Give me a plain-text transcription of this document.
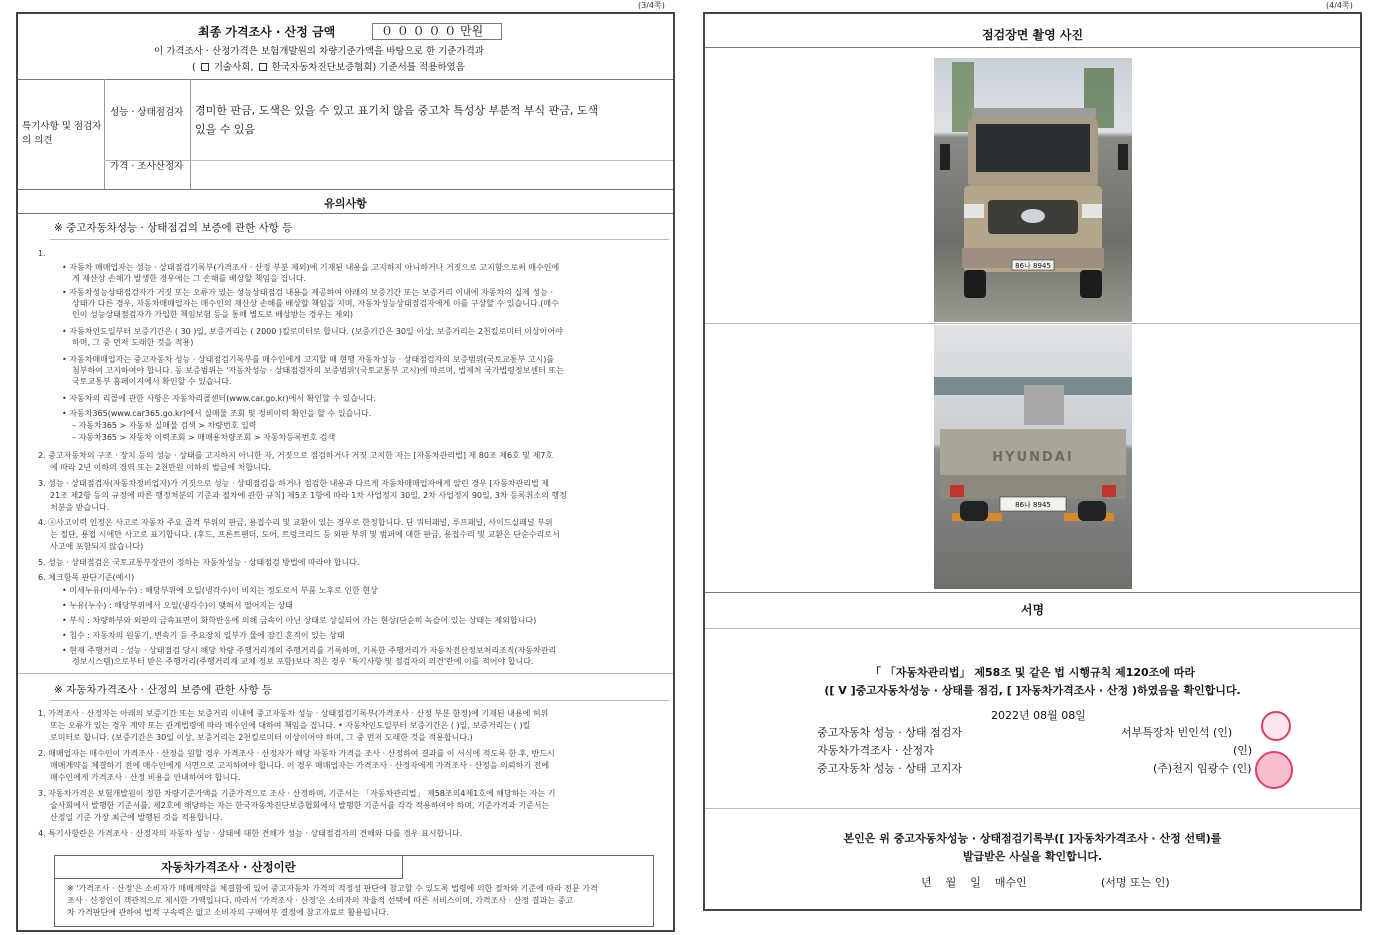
(3/4쪽)	(4/4쪽)
최종 가격조사 · 산정 금액	０ ０ ０ ０ ０ 만원
이 가격조사 · 산정가격은 보험개발원의 차량기준가액을 바탕으로 한 기준가격과
( 기술사회, 한국자동차진단보증협회) 기준서를 적용하였음
특기사항 및 점검자의 의견
성능 · 상태점검자	경미한 판금, 도색은 있을 수 있고 표기치 않음 중고차 특성상 부분적 부식 판금, 도색
있을 수 있음
가격 · 조사산정자
유의사항
※ 중고자동차성능 · 상태점검의 보증에 관한 사항 등
1.
• 자동차 매매업자는 성능 · 상태점검기록부(가격조사 · 산정 부분 제외)에 기재된 내용을 고지하지 아니하거나 거짓으로 고지함으로써 매수인에
게 재산상 손해가 발생한 경우에는 그 손해를 배상할 책임을 집니다.
• 자동차성능상태점검자가 거짓 또는 오류가 있는 성능상태점검 내용을 제공하여 아래의 보증기간 또는 보증거리 이내에 자동차의 실제 성능 ·
상태가 다른 경우, 자동차매매업자는 매수인의 재산상 손해를 배상할 책임을 지며, 자동차성능상태점검자에게 이를 구상할 수 있습니다.(매수
인이 성능상태점검자가 가입한 책임보험 등을 통해 별도로 배상받는 경우는 제외)
• 자동차인도일부터 보증기간은 ( 30 )일, 보증거리는 ( 2000 )킬로미터로 합니다. (보증기간은 30일 이상, 보증거리는 2천킬로미터 이상이어야
하며, 그 중 먼저 도래한 것을 적용)
• 자동차매매업자는 중고자동차 성능 · 상태점검기록부를 매수인에게 고지할 때 현행 자동차성능 · 상태점검자의 보증범위(국토교통부 고시)를
첨부하여 고지하여야 합니다. 동 보증범위는 '자동차성능 · 상태점검자의 보증범위'(국토교통부 고시)에 따르며, 법제처 국가법령정보센터 또는
국토교통부 홈페이지에서 확인할 수 있습니다.
• 자동차의 리콜에 관한 사항은 자동차리콜센터(www.car.go.kr)에서 확인할 수 있습니다.
• 자동차365(www.car365.go.kr)에서 실매물 조회 및 정비이력 확인을 할 수 있습니다.
– 자동차365 > 자동차 실매물 검색 > 차량번호 입력
– 자동차365 > 자동차 이력조회 > 매매용차량조회 > 자동차등록번호 검색
2. 중고자동차의 구조 · 장치 등의 성능 · 상태를 고지하지 아니한 자, 거짓으로 점검하거나 거짓 고지한 자는 [자동차관리법] 제 80조 제6호 및 제7호
에 따라 2년 이하의 징역 또는 2천만원 이하의 벌금에 처합니다.
3. 성능 · 상태점검자(자동차정비업자)가 거짓으로 성능 · 상태점검을 하거나 점검한 내용과 다르게 자동차매매업자에게 알린 경우 [자동차관리법 제
21조 제2항 등의 규정에 따른 행정처분의 기준과 절차에 관한 규칙] 제5조 1항에 따라 1차 사업정지 30일, 2차 사업정지 90일, 3차 등록취소의 행정
처분을 받습니다.
4. ⓐ사고이력 인정은 사고로 자동차 주요 골격 부위의 판금, 용접수리 및 교환이 있는 경우로 한정합니다. 단 쿼터패널, 루프패널, 사이드실패널 부위
는 절단, 용접 시에만 사고로 표기합니다. (후드, 프론트펜더, 도어, 트렁크리드 등 외판 부위 및 범퍼에 대한 판금, 용접수리 및 교환은 단순수리로서
사고에 포함되지 않습니다)
5. 성능 · 상태점검은 국토교통부장관이 정하는 자동차성능 · 상태점검 방법에 따라야 합니다.
6. 체크항목 판단기준(예시)
• 미세누유(미세누수) : 해당부위에 오일(냉각수)이 비치는 정도로서 부품 노후로 인한 현상
• 누유(누수) : 해당부위에서 오일(냉각수)이 맺혀서 떨어지는 상태
• 부식 : 차량하부와 외판의 금속표면이 화학반응에 의해 금속이 아닌 상태로 상실되어 가는 현상(단순히 녹슬어 있는 상태는 제외합니다)
• 침수 : 자동차의 원동기, 변속기 등 주요장치 일부가 물에 잠긴 흔적이 있는 상태
• 현재 주행거리 : 성능 · 상태점검 당시 해당 차량 주행거리계의 주행거리를 기록하며, 기록한 주행거리가 자동차전산정보처리조직(자동차관리
정보시스템)으로부터 받은 주행거리(주행거리계 교체 정보 포함)보다 적은 경우 '특기사항 및 점검자의 의견'란에 이를 적어야 합니다.
※ 자동차가격조사 · 산정의 보증에 관한 사항 등
1. 가격조사 · 산정자는 아래의 보증기간 또는 보증거리 이내에 중고자동차 성능 · 상태점검기록부(가격조사 · 산정 부분 한정)에 기재된 내용에 허위
또는 오류가 있는 경우 계약 또는 관계법령에 따라 매수인에 대하여 책임을 집니다. • 자동차인도일부터 보증기간은 ( )일, 보증거리는 ( )킬
로미터로 합니다. (보증기간은 30일 이상, 보증거리는 2천킬로미터 이상이어야 하며, 그 중 먼저 도래한 것을 적용합니다.)
2. 매매업자는 매수인이 가격조사 · 산정을 원할 경우 가격조사 · 산정자가 해당 자동차 가격을 조사 · 산정하여 결과를 이 서식에 적도록 한 후, 반드시
매매계약을 체결하기 전에 매수인에게 서면으로 고지하여야 합니다. 이 경우 매매업자는 가격조사 · 산정자에게 가격조사 · 산정을 의뢰하기 전에
매수인에게 가격조사 · 산정 비용을 안내하여야 합니다.
3. 자동차가격은 보험개발원이 정한 차량기준가액을 기준가격으로 조사 · 산정하며, 기준서는 「자동차관리법」 제58조의4제1호에 해당하는 자는 기
술사회에서 발행한 기준서를, 제2호에 해당하는 자는 한국자동차진단보증협회에서 발행한 기준서를 각각 적용하여야 하며, 기준가격과 기준서는
산정일 기준 가장 최근에 발행된 것을 적용합니다.
4. 특기사항란은 가격조사 · 산정자의 자동차 성능 · 상태에 대한 견해가 성능 · 상태점검자의 견해와 다를 경우 표시합니다.
자동차가격조사 · 산정이란
※ '가격조사 · 산정'은 소비자가 매매계약을 체결함에 있어 중고자동차 가격의 적정성 판단에 참고할 수 있도록 법령에 의한 절차와 기준에 따라 전문 가격
조사 · 산정인이 객관적으로 제시한 가액입니다. 따라서 '가격조사 · 산정'은 소비자의 자율적 선택에 따른 서비스이며, 가격조사 · 산정 결과는 중고
차 가격판단에 관하여 법적 구속력은 없고 소비자의 구매여부 결정에 참고자료로 활용됩니다.
점검장면 촬영 사진
86나 8945
HYUNDAI
86나 8945
서명
「 「자동차관리법」 제58조 및 같은 법 시행규칙 제120조에 따라
([ V ]중고자동차성능 · 상태를 점검, [ ]자동차가격조사 · 산정 )하였음을 확인합니다.
2022년 08월 08일
중고자동차 성능 · 상태 점검자	서부특장차 빈인석 (인)
자동차가격조사 · 산정자	(인)
중고자동차 성능 · 상태 고지자	(주)천지 임광수 (인)
본인은 위 중고자동차성능 · 상태점검기록부([ ]자동차가격조사 · 산정 선택)를
발급받은 사실을 확인합니다.
년    월    일    매수인	(서명 또는 인)
